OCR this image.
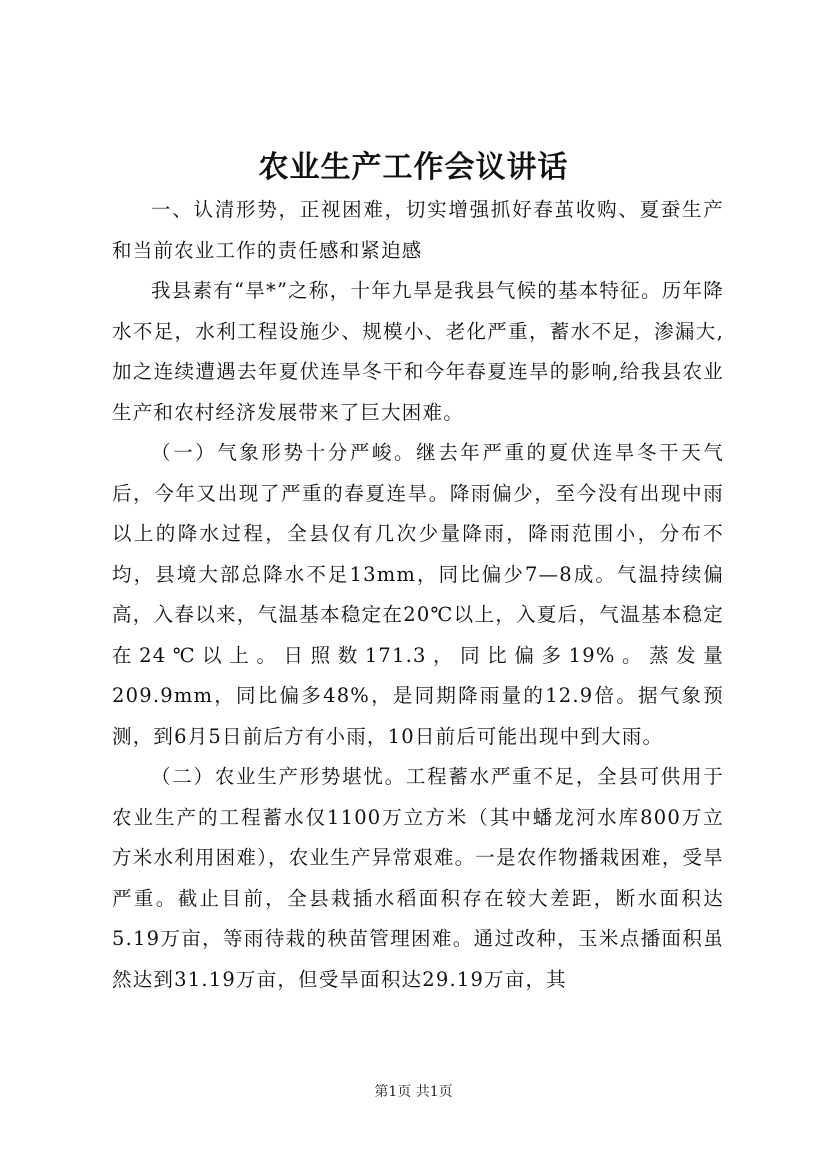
农业生产工作会议讲话

一、认清形势，正视困难，切实增强抓好春茧收购、夏蚕生产和当前农业工作的责任感和紧迫感

我县素有“旱*”之称，十年九旱是我县气候的基本特征。历年降水不足，水利工程设施少、规模小、老化严重，蓄水不足，渗漏大,加之连续遭遇去年夏伏连旱冬干和今年春夏连旱的影响,给我县农业生产和农村经济发展带来了巨大困难。

（一）气象形势十分严峻。继去年严重的夏伏连旱冬干天气后，今年又出现了严重的春夏连旱。降雨偏少，至今没有出现中雨以上的降水过程，全县仅有几次少量降雨，降雨范围小，分布不均，县境大部总降水不足13mm，同比偏少7—8成。气温持续偏高，入春以来，气温基本稳定在20℃以上，入夏后，气温基本稳定在24℃以上。日照数171.3，同比偏多19%。蒸发量209.9mm，同比偏多48%，是同期降雨量的12.9倍。据气象预测，到6月5日前后方有小雨，10日前后可能出现中到大雨。

（二）农业生产形势堪忧。工程蓄水严重不足，全县可供用于农业生产的工程蓄水仅1100万立方米（其中蟠龙河水库800万立方米水利用困难），农业生产异常艰难。一是农作物播栽困难，受旱严重。截止目前，全县栽插水稻面积存在较大差距，断水面积达5.19万亩，等雨待栽的秧苗管理困难。通过改种，玉米点播面积虽然达到31.19万亩，但受旱面积达29.19万亩，其

第1页 共1页
